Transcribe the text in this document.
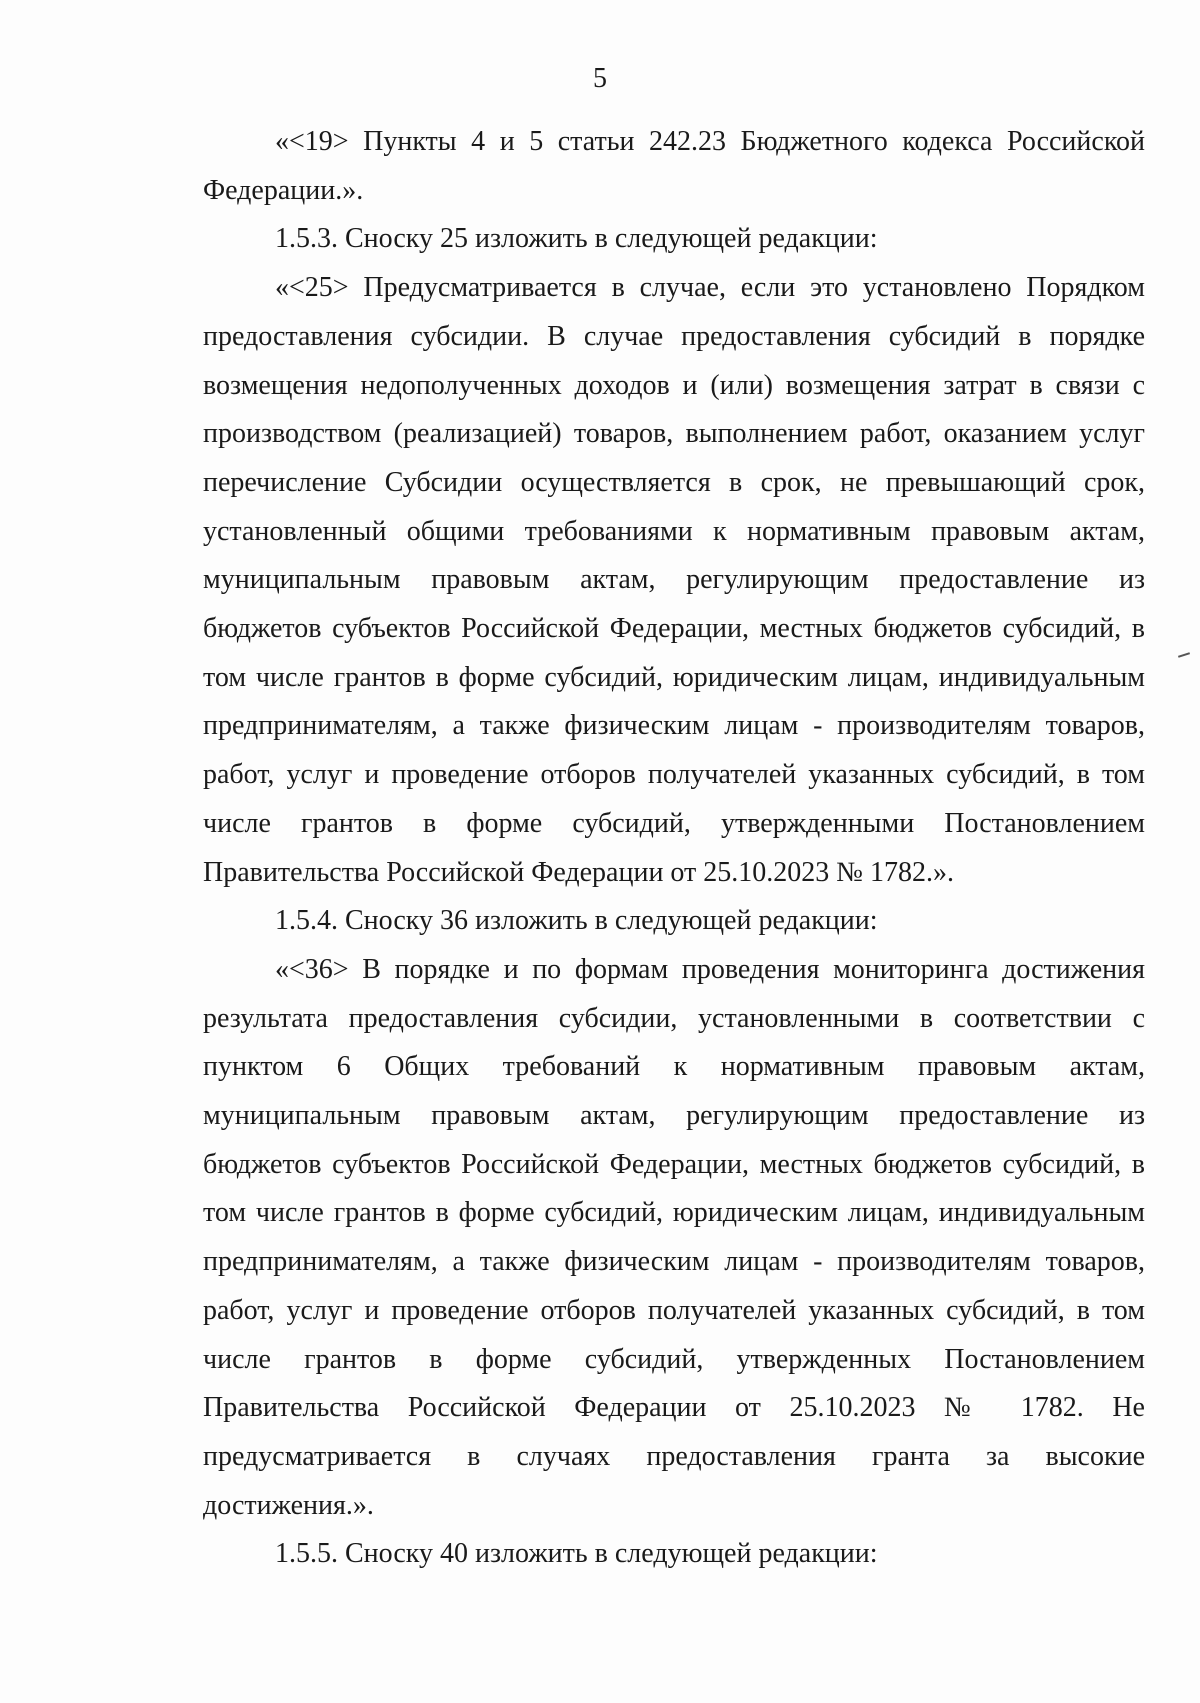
5

«<19> Пункты 4 и 5 статьи 242.23 Бюджетного кодекса Российской Федерации.».

1.5.3. Сноску 25 изложить в следующей редакции:

«<25> Предусматривается в случае, если это установлено Порядком предоставления субсидии. В случае предоставления субсидий в порядке возмещения недополученных доходов и (или) возмещения затрат в связи с производством (реализацией) товаров, выполнением работ, оказанием услуг перечисление Субсидии осуществляется в срок, не превышающий срок, установленный общими требованиями к нормативным правовым актам, муниципальным правовым актам, регулирующим предоставление из бюджетов субъектов Российской Федерации, местных бюджетов субсидий, в том числе грантов в форме субсидий, юридическим лицам, индивидуальным предпринимателям, а также физическим лицам - производителям товаров, работ, услуг и проведение отборов получателей указанных субсидий, в том числе грантов в форме субсидий, утвержденными Постановлением Правительства Российской Федерации от 25.10.2023 № 1782.».

1.5.4. Сноску 36 изложить в следующей редакции:

«<36> В порядке и по формам проведения мониторинга достижения результата предоставления субсидии, установленными в соответствии с пунктом 6 Общих требований к нормативным правовым актам, муниципальным правовым актам, регулирующим предоставление из бюджетов субъектов Российской Федерации, местных бюджетов субсидий, в том числе грантов в форме субсидий, юридическим лицам, индивидуальным предпринимателям, а также физическим лицам - производителям товаров, работ, услуг и проведение отборов получателей указанных субсидий, в том числе грантов в форме субсидий, утвержденных Постановлением Правительства Российской Федерации от 25.10.2023 № 1782. Не предусматривается в случаях предоставления гранта за высокие достижения.».

1.5.5. Сноску 40 изложить в следующей редакции:
